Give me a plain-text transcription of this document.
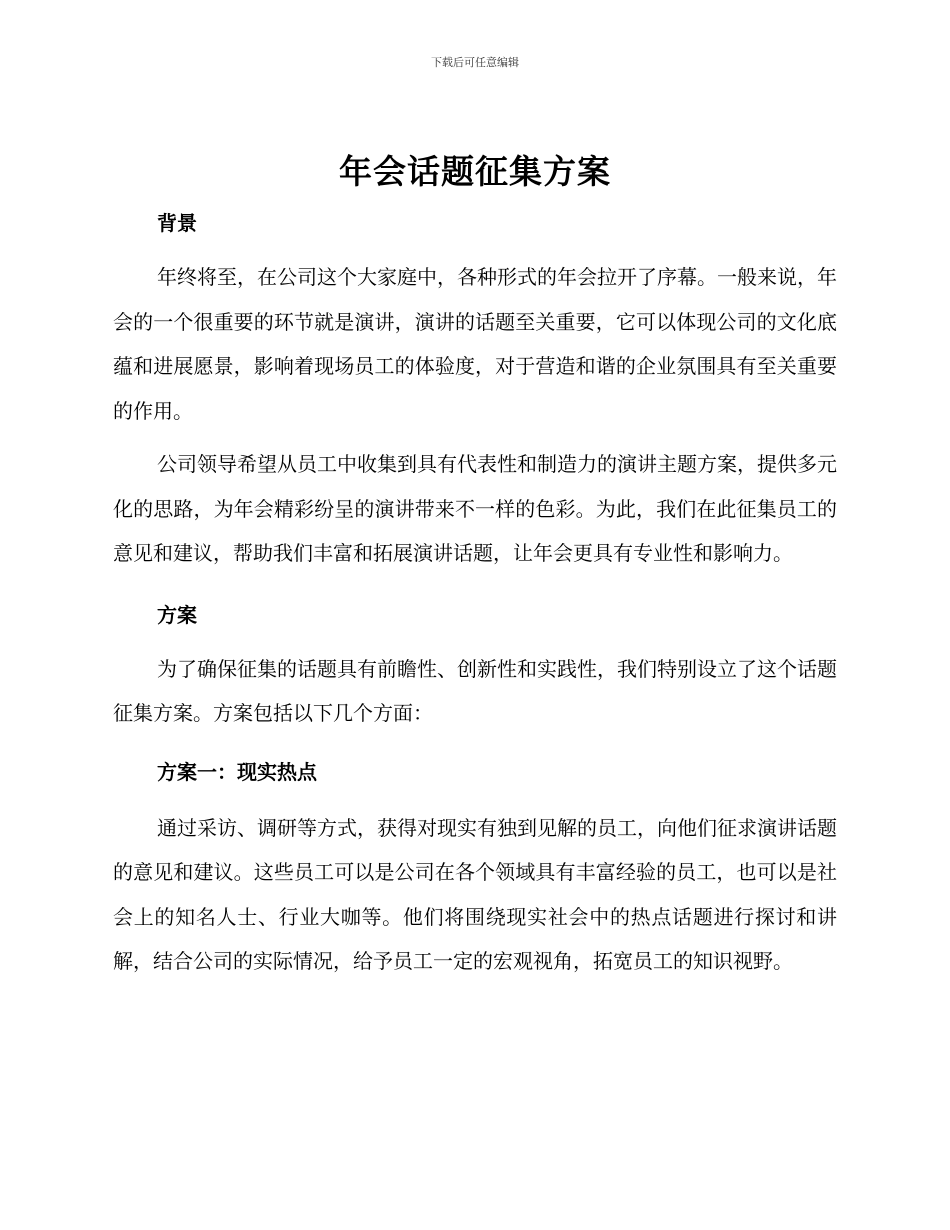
下载后可任意编辑
年会话题征集方案

背景

年终将至，在公司这个大家庭中，各种形式的年会拉开了序幕。一般来说，年会的一个很重要的环节就是演讲，演讲的话题至关重要，它可以体现公司的文化底蕴和进展愿景，影响着现场员工的体验度，对于营造和谐的企业氛围具有至关重要的作用。

公司领导希望从员工中收集到具有代表性和制造力的演讲主题方案，提供多元化的思路，为年会精彩纷呈的演讲带来不一样的色彩。为此，我们在此征集员工的意见和建议，帮助我们丰富和拓展演讲话题，让年会更具有专业性和影响力。

方案

为了确保征集的话题具有前瞻性、创新性和实践性，我们特别设立了这个话题征集方案。方案包括以下几个方面：

方案一：现实热点

通过采访、调研等方式，获得对现实有独到见解的员工，向他们征求演讲话题的意见和建议。这些员工可以是公司在各个领域具有丰富经验的员工，也可以是社会上的知名人士、行业大咖等。他们将围绕现实社会中的热点话题进行探讨和讲解，结合公司的实际情况，给予员工一定的宏观视角，拓宽员工的知识视野。
